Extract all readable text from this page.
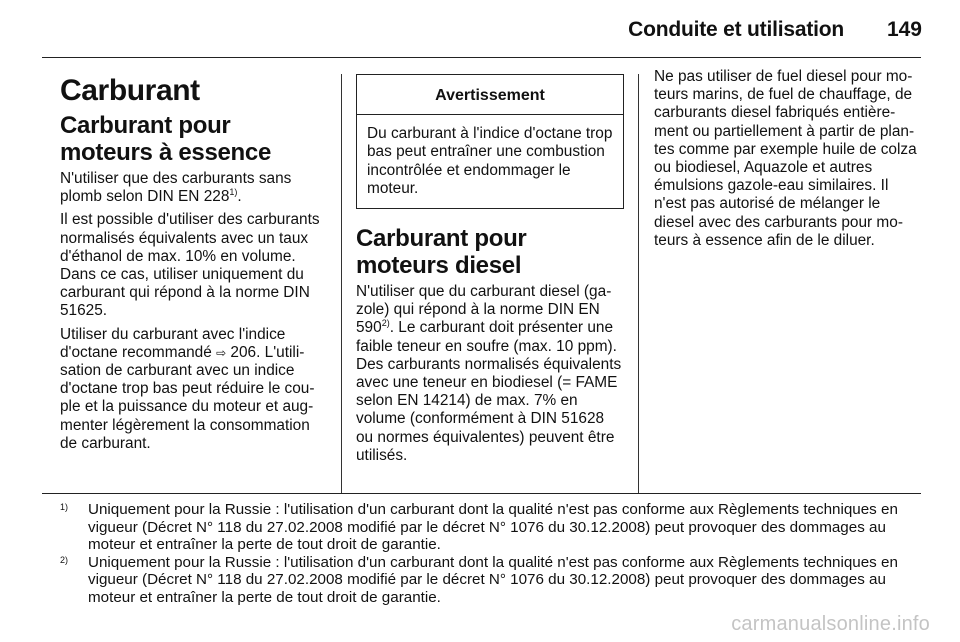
Conduite et utilisation 149
Carburant
Carburant pour moteurs à essence

N'utiliser que des carburants sans plomb selon DIN EN 228$^{1)}$.

Il est possible d'utiliser des carburants normalisés équivalents avec un taux d'éthanol de max. 10% en volume. Dans ce cas, utiliser uniquement du carburant qui répond à la norme DIN 51625.

Utiliser du carburant avec l'indice d'octane recommandé ⇨ 206. L'utilisation de carburant avec un indice d'octane trop bas peut réduire le couple et la puissance du moteur et augmenter légèrement la consommation de carburant.

Avertissement
Du carburant à l'indice d'octane trop bas peut entraîner une combustion incontrôlée et endommager le moteur.
Carburant pour moteurs diesel

N'utiliser que du carburant diesel (gazole) qui répond à la norme DIN EN 590$^{2)}$. Le carburant doit présenter une faible teneur en soufre (max. 10 ppm). Des carburants normalisés équivalents avec une teneur en biodiesel (= FAME selon EN 14214) de max. 7% en volume (conformément à DIN 51628 ou normes équivalentes) peuvent être utilisés.

Ne pas utiliser de fuel diesel pour moteurs marins, de fuel de chauffage, de carburants diesel fabriqués entièrement ou partiellement à partir de plantes comme par exemple huile de colza ou biodiesel, Aquazole et autres émulsions gazole-eau similaires. Il n'est pas autorisé de mélanger le diesel avec des carburants pour moteurs à essence afin de le diluer.

1) Uniquement pour la Russie : l'utilisation d'un carburant dont la qualité n'est pas conforme aux Règlements techniques en vigueur (Décret N° 118 du 27.02.2008 modifié par le décret N° 1076 du 30.12.2008) peut provoquer des dommages au moteur et entraîner la perte de tout droit de garantie.
2) Uniquement pour la Russie : l'utilisation d'un carburant dont la qualité n'est pas conforme aux Règlements techniques en vigueur (Décret N° 118 du 27.02.2008 modifié par le décret N° 1076 du 30.12.2008) peut provoquer des dommages au moteur et entraîner la perte de tout droit de garantie.
carmanualsonline.info
